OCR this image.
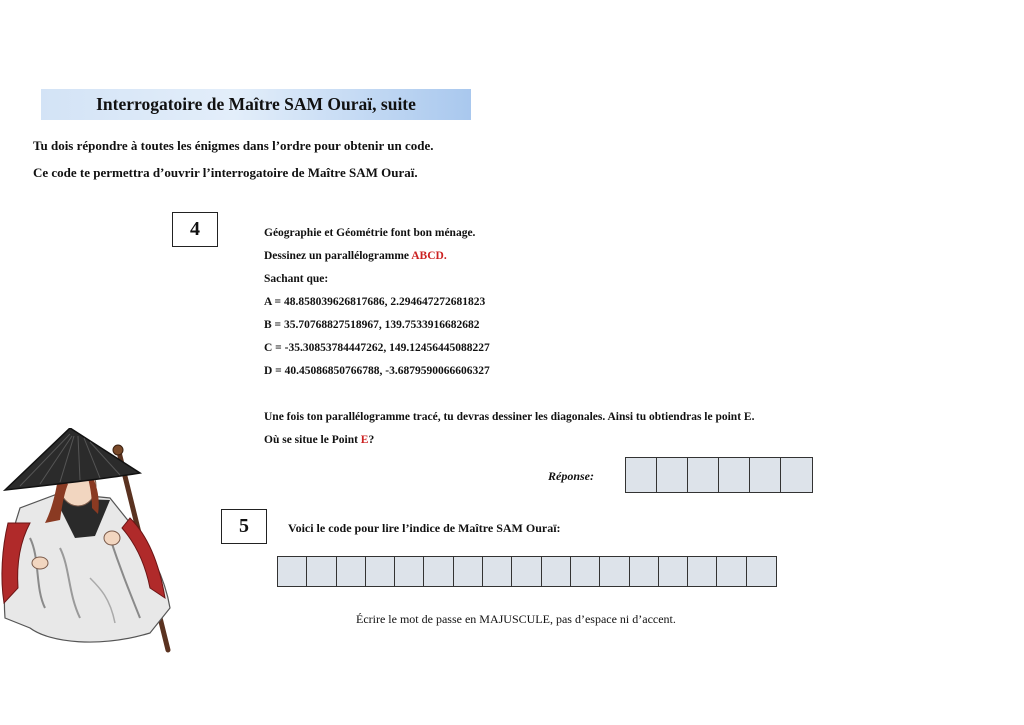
Interrogatoire de Maître SAM Ouraï, suite
Tu dois répondre à toutes les énigmes dans l’ordre pour obtenir un code.
Ce code te permettra d’ouvrir l’interrogatoire de Maître SAM Ouraï.
4	Géographie et Géométrie font bon ménage.
Dessinez un parallélogramme ABCD.
Sachant que:
A = 48.858039626817686, 2.294647272681823
B = 35.70768827518967, 139.7533916682682
C = -35.30853784447262, 149.12456445088227
D = 40.45086850766788, -3.6879590066606327
Une fois ton parallélogramme tracé, tu devras dessiner les diagonales. Ainsi tu obtiendras le point E.
Où se situe le Point E?
Réponse:
5	Voici le code pour lire l’indice de Maître SAM Ouraï:
Écrire le mot de passe en MAJUSCULE, pas d’espace ni d’accent.
